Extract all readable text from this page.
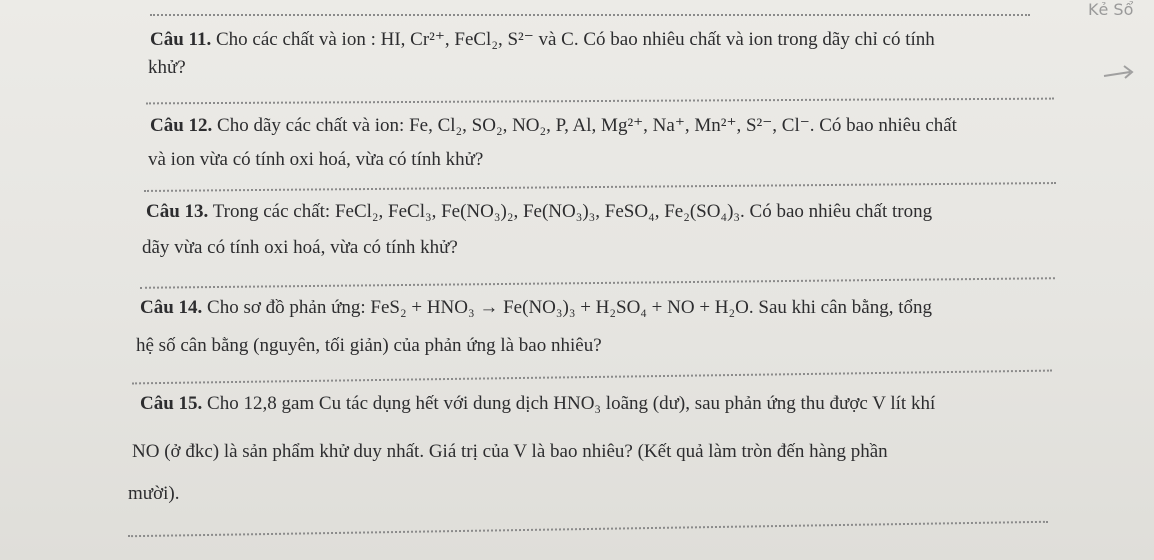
Câu 11. Cho các chất và ion : HI, Cr²⁺, FeCl₂, S²⁻ và C. Có bao nhiêu chất và ion trong dãy chỉ có tính
khử?
Câu 12. Cho dãy các chất và ion: Fe, Cl₂, SO₂, NO₂, P, Al, Mg²⁺, Na⁺, Mn²⁺, S²⁻, Cl⁻. Có bao nhiêu chất
và ion vừa có tính oxi hoá, vừa có tính khử?
Câu 13. Trong các chất: FeCl₂, FeCl₃, Fe(NO₃)₂, Fe(NO₃)₃, FeSO₄, Fe₂(SO₄)₃. Có bao nhiêu chất trong
dãy vừa có tính oxi hoá, vừa có tính khử?
Câu 14. Cho sơ đồ phản ứng: FeS₂ + HNO₃ → Fe(NO₃)₃ + H₂SO₄ + NO + H₂O. Sau khi cân bằng, tổng
hệ số cân bằng (nguyên, tối giản) của phản ứng là bao nhiêu?
Câu 15. Cho 12,8 gam Cu tác dụng hết với dung dịch HNO₃ loãng (dư), sau phản ứng thu được V lít khí
NO (ở đkc) là sản phẩm khử duy nhất. Giá trị của V là bao nhiêu? (Kết quả làm tròn đến hàng phần
mười).
Kẻ Sổ
